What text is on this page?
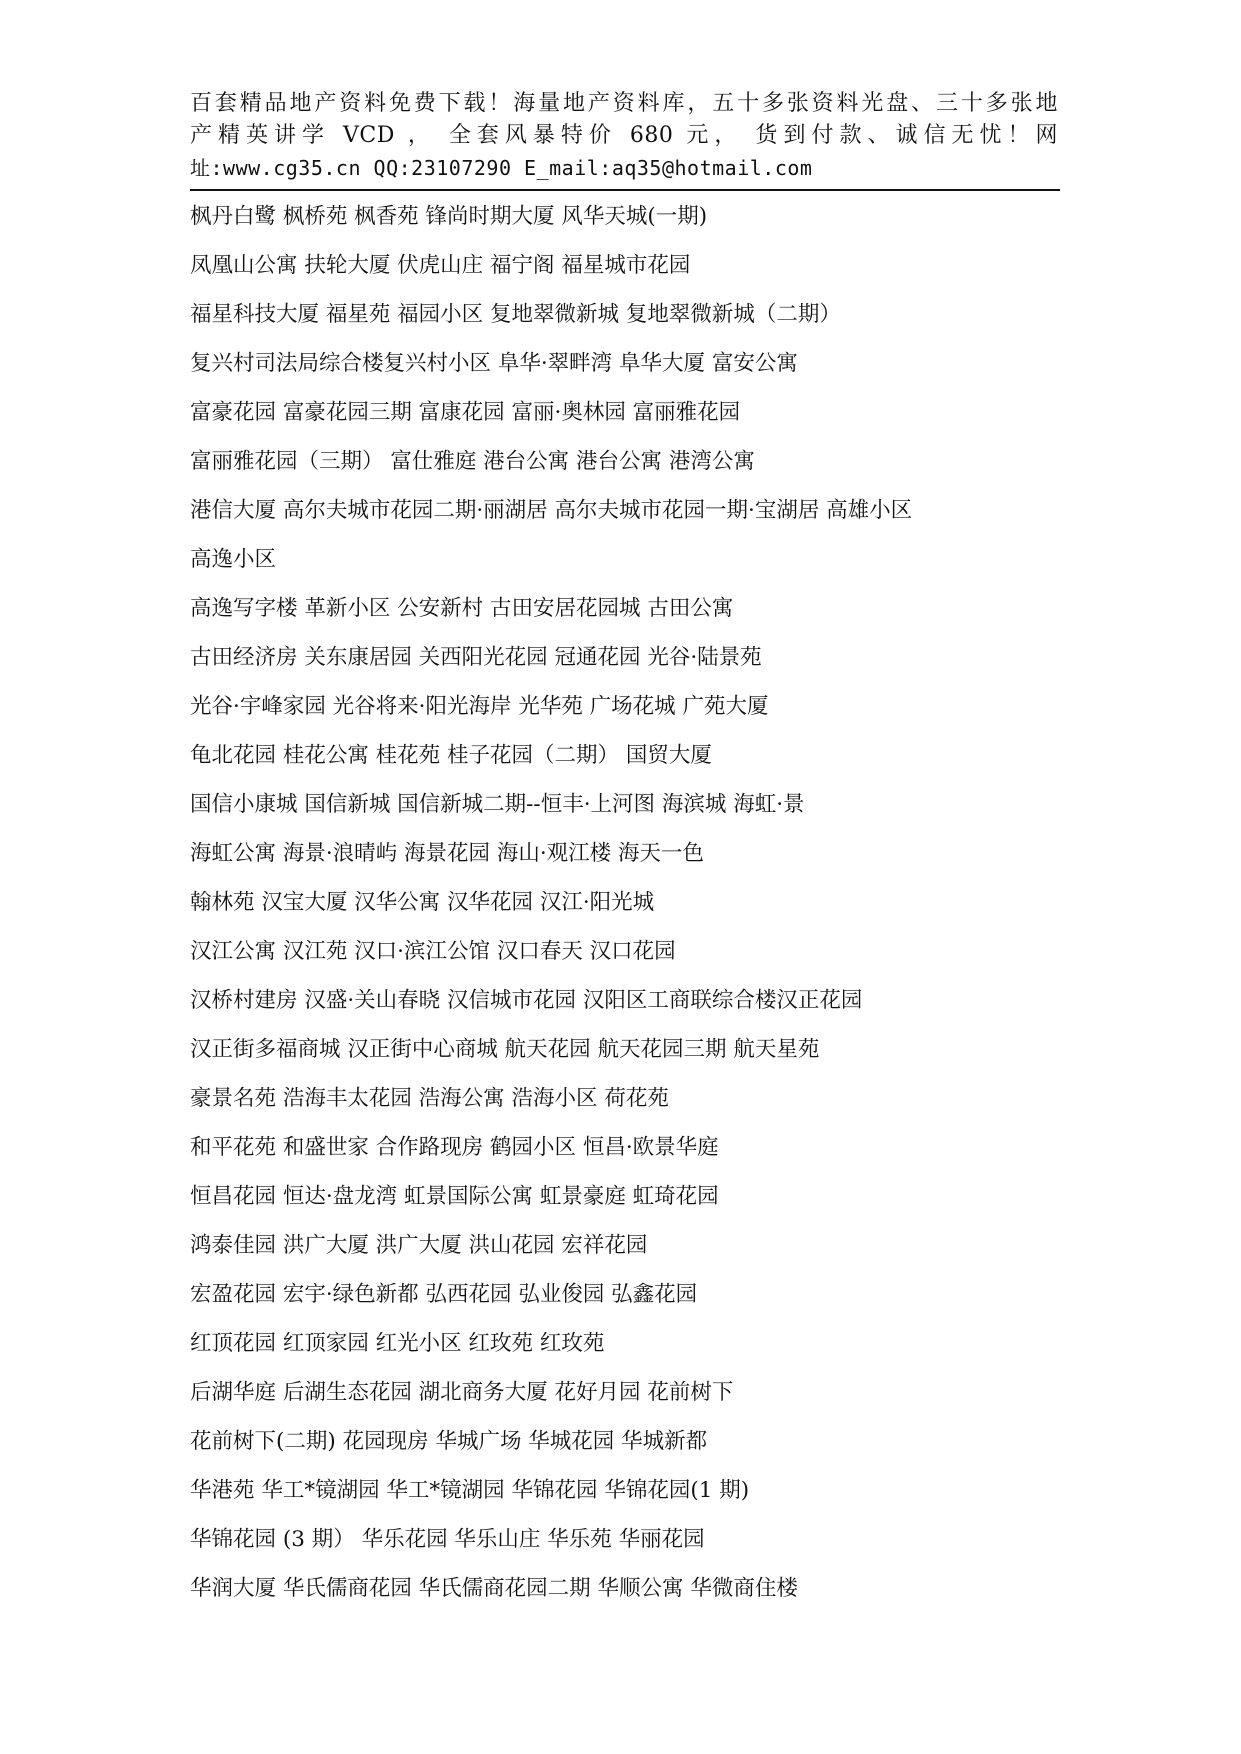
百套精品地产资料免费下载！海量地产资料库，五十多张资料光盘、三十多张地
产精英讲学 VCD ， 全套风暴特价 680 元， 货到付款、诚信无忧！网
址:www.cg35.cn QQ:23107290 E_mail:aq35@hotmail.com
枫丹白鹭 枫桥苑 枫香苑 锋尚时期大厦 风华天城(一期)
凤凰山公寓 扶轮大厦 伏虎山庄 福宁阁 福星城市花园
福星科技大厦 福星苑 福园小区 复地翠微新城 复地翠微新城（二期）
复兴村司法局综合楼复兴村小区 阜华·翠畔湾 阜华大厦 富安公寓
富豪花园 富豪花园三期 富康花园 富丽·奥林园 富丽雅花园
富丽雅花园（三期） 富仕雅庭 港台公寓 港台公寓 港湾公寓
港信大厦 高尔夫城市花园二期·丽湖居 高尔夫城市花园一期·宝湖居 高雄小区
高逸小区
高逸写字楼 革新小区 公安新村 古田安居花园城 古田公寓
古田经济房 关东康居园 关西阳光花园 冠通花园 光谷·陆景苑
光谷·宇峰家园 光谷将来·阳光海岸 光华苑 广场花城 广苑大厦
龟北花园 桂花公寓 桂花苑 桂子花园（二期） 国贸大厦
国信小康城 国信新城 国信新城二期--恒丰·上河图 海滨城 海虹·景
海虹公寓 海景·浪晴屿 海景花园 海山·观江楼 海天一色
翰林苑 汉宝大厦 汉华公寓 汉华花园 汉江·阳光城
汉江公寓 汉江苑 汉口·滨江公馆 汉口春天 汉口花园
汉桥村建房 汉盛·关山春晓 汉信城市花园 汉阳区工商联综合楼汉正花园
汉正街多福商城 汉正街中心商城 航天花园 航天花园三期 航天星苑
豪景名苑 浩海丰太花园 浩海公寓 浩海小区 荷花苑
和平花苑 和盛世家 合作路现房 鹤园小区 恒昌·欧景华庭
恒昌花园 恒达·盘龙湾 虹景国际公寓 虹景豪庭 虹琦花园
鸿泰佳园 洪广大厦 洪广大厦 洪山花园 宏祥花园
宏盈花园 宏宇·绿色新都 弘西花园 弘业俊园 弘鑫花园
红顶花园 红顶家园 红光小区 红玫苑 红玫苑
后湖华庭 后湖生态花园 湖北商务大厦 花好月园 花前树下
花前树下(二期) 花园现房 华城广场 华城花园 华城新都
华港苑 华工*镜湖园 华工*镜湖园 华锦花园 华锦花园(1 期)
华锦花园 (3 期） 华乐花园 华乐山庄 华乐苑 华丽花园
华润大厦 华氏儒商花园 华氏儒商花园二期 华顺公寓 华微商住楼
